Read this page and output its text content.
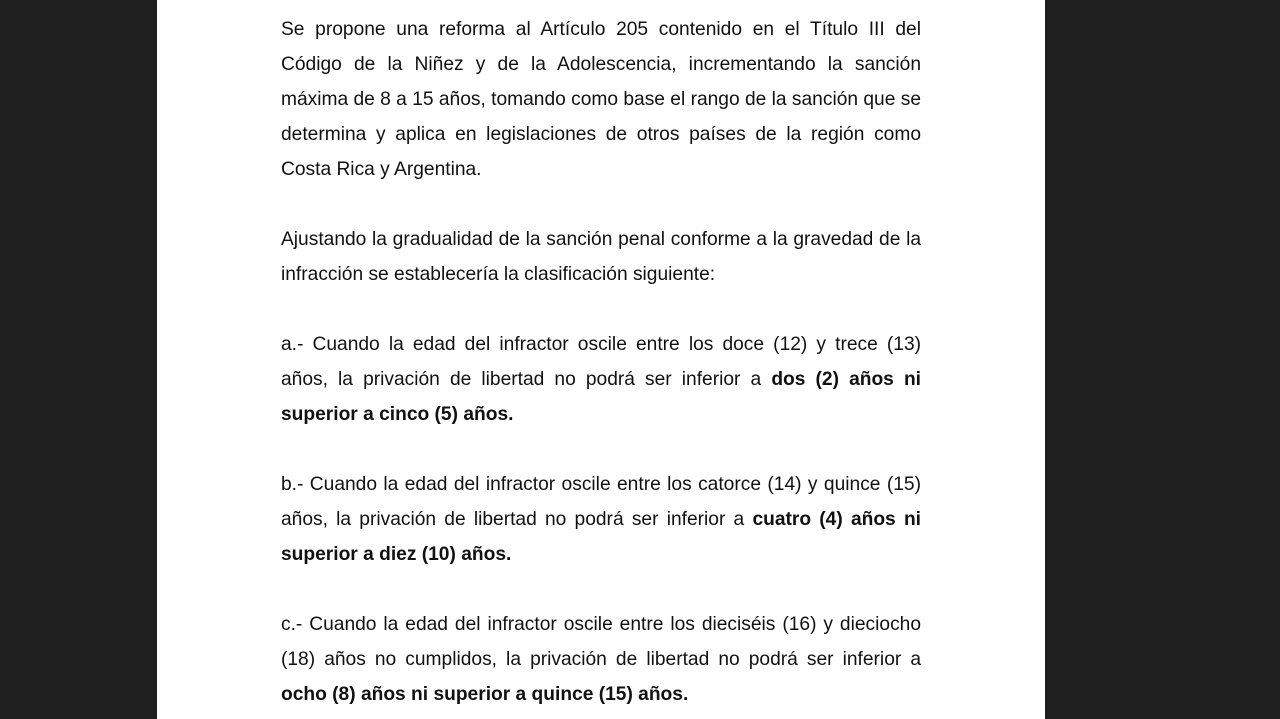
Se propone una reforma al Artículo 205 contenido en el Título III del Código de la Niñez y de la Adolescencia, incrementando la sanción máxima de 8 a 15 años, tomando como base el rango de la sanción que se determina y aplica en legislaciones de otros países de la región como Costa Rica y Argentina.

Ajustando la gradualidad de la sanción penal conforme a la gravedad de la infracción se establecería la clasificación siguiente:

a.- Cuando la edad del infractor oscile entre los doce (12) y trece (13) años, la privación de libertad no podrá ser inferior a dos (2) años ni superior a cinco (5) años.

b.- Cuando la edad del infractor oscile entre los catorce (14) y quince (15) años, la privación de libertad no podrá ser inferior a cuatro (4) años ni superior a diez (10) años.

c.- Cuando la edad del infractor oscile entre los dieciséis (16) y dieciocho (18) años no cumplidos, la privación de libertad no podrá ser inferior a ocho (8) años ni superior a quince (15) años.
